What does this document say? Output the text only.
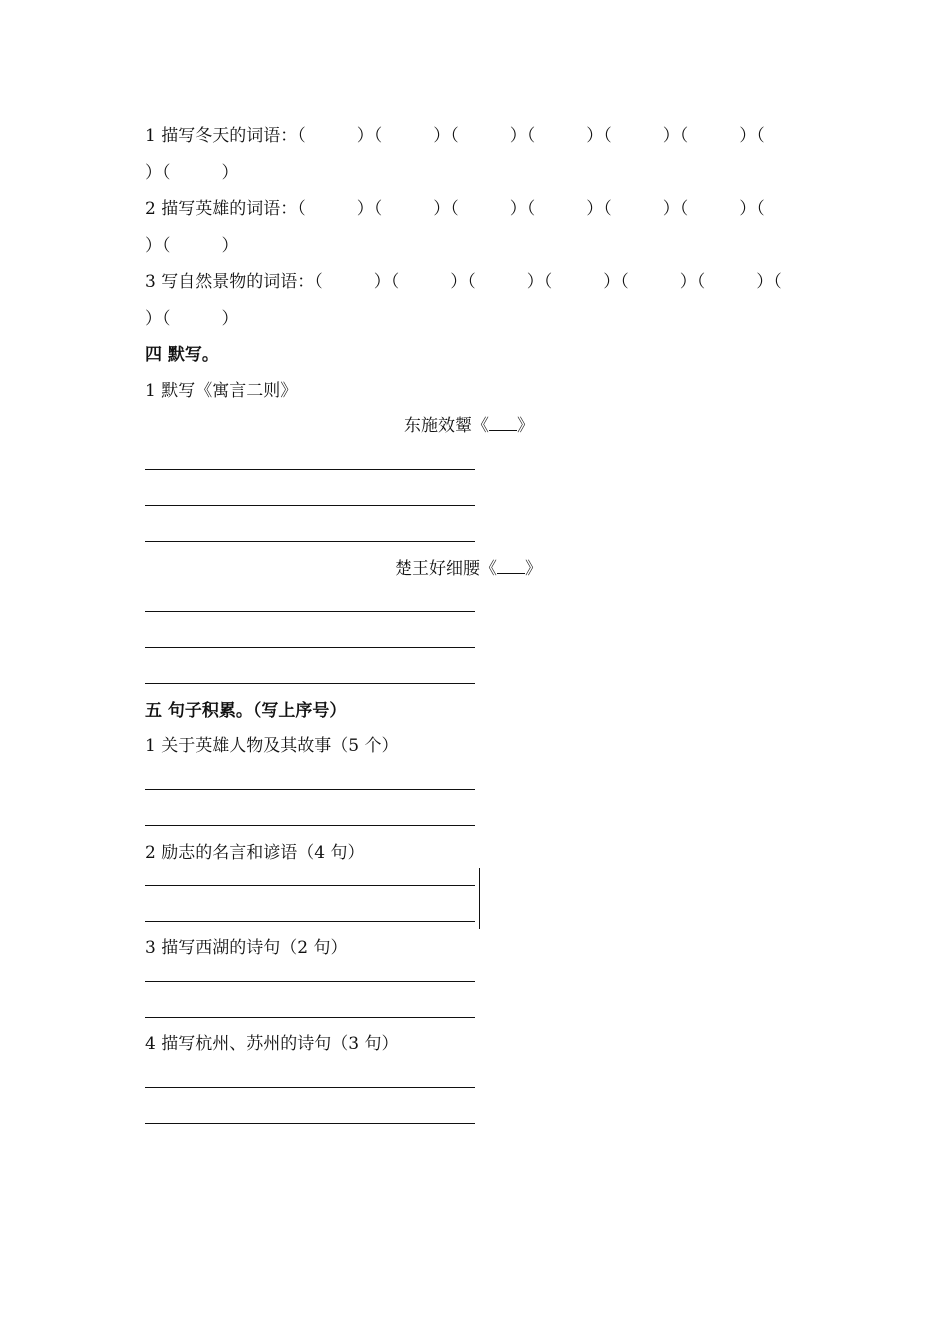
1 描写冬天的词语：（　　　）（　　　）（　　　）（　　　）（　　　）（　　　）（
）（　　　）
2 描写英雄的词语：（　　　）（　　　）（　　　）（　　　）（　　　）（　　　）（
）（　　　）
3 写自然景物的词语：（　　　）（　　　）（　　　）（　　　）（　　　）（　　　）（
）（　　　）
四 默写。
1 默写《寓言二则》
东施效颦《 》
楚王好细腰《 》
五 句子积累。（写上序号）
1 关于英雄人物及其故事（5 个）
2 励志的名言和谚语（4 句）
3 描写西湖的诗句（2 句）
4 描写杭州、苏州的诗句（3 句）
